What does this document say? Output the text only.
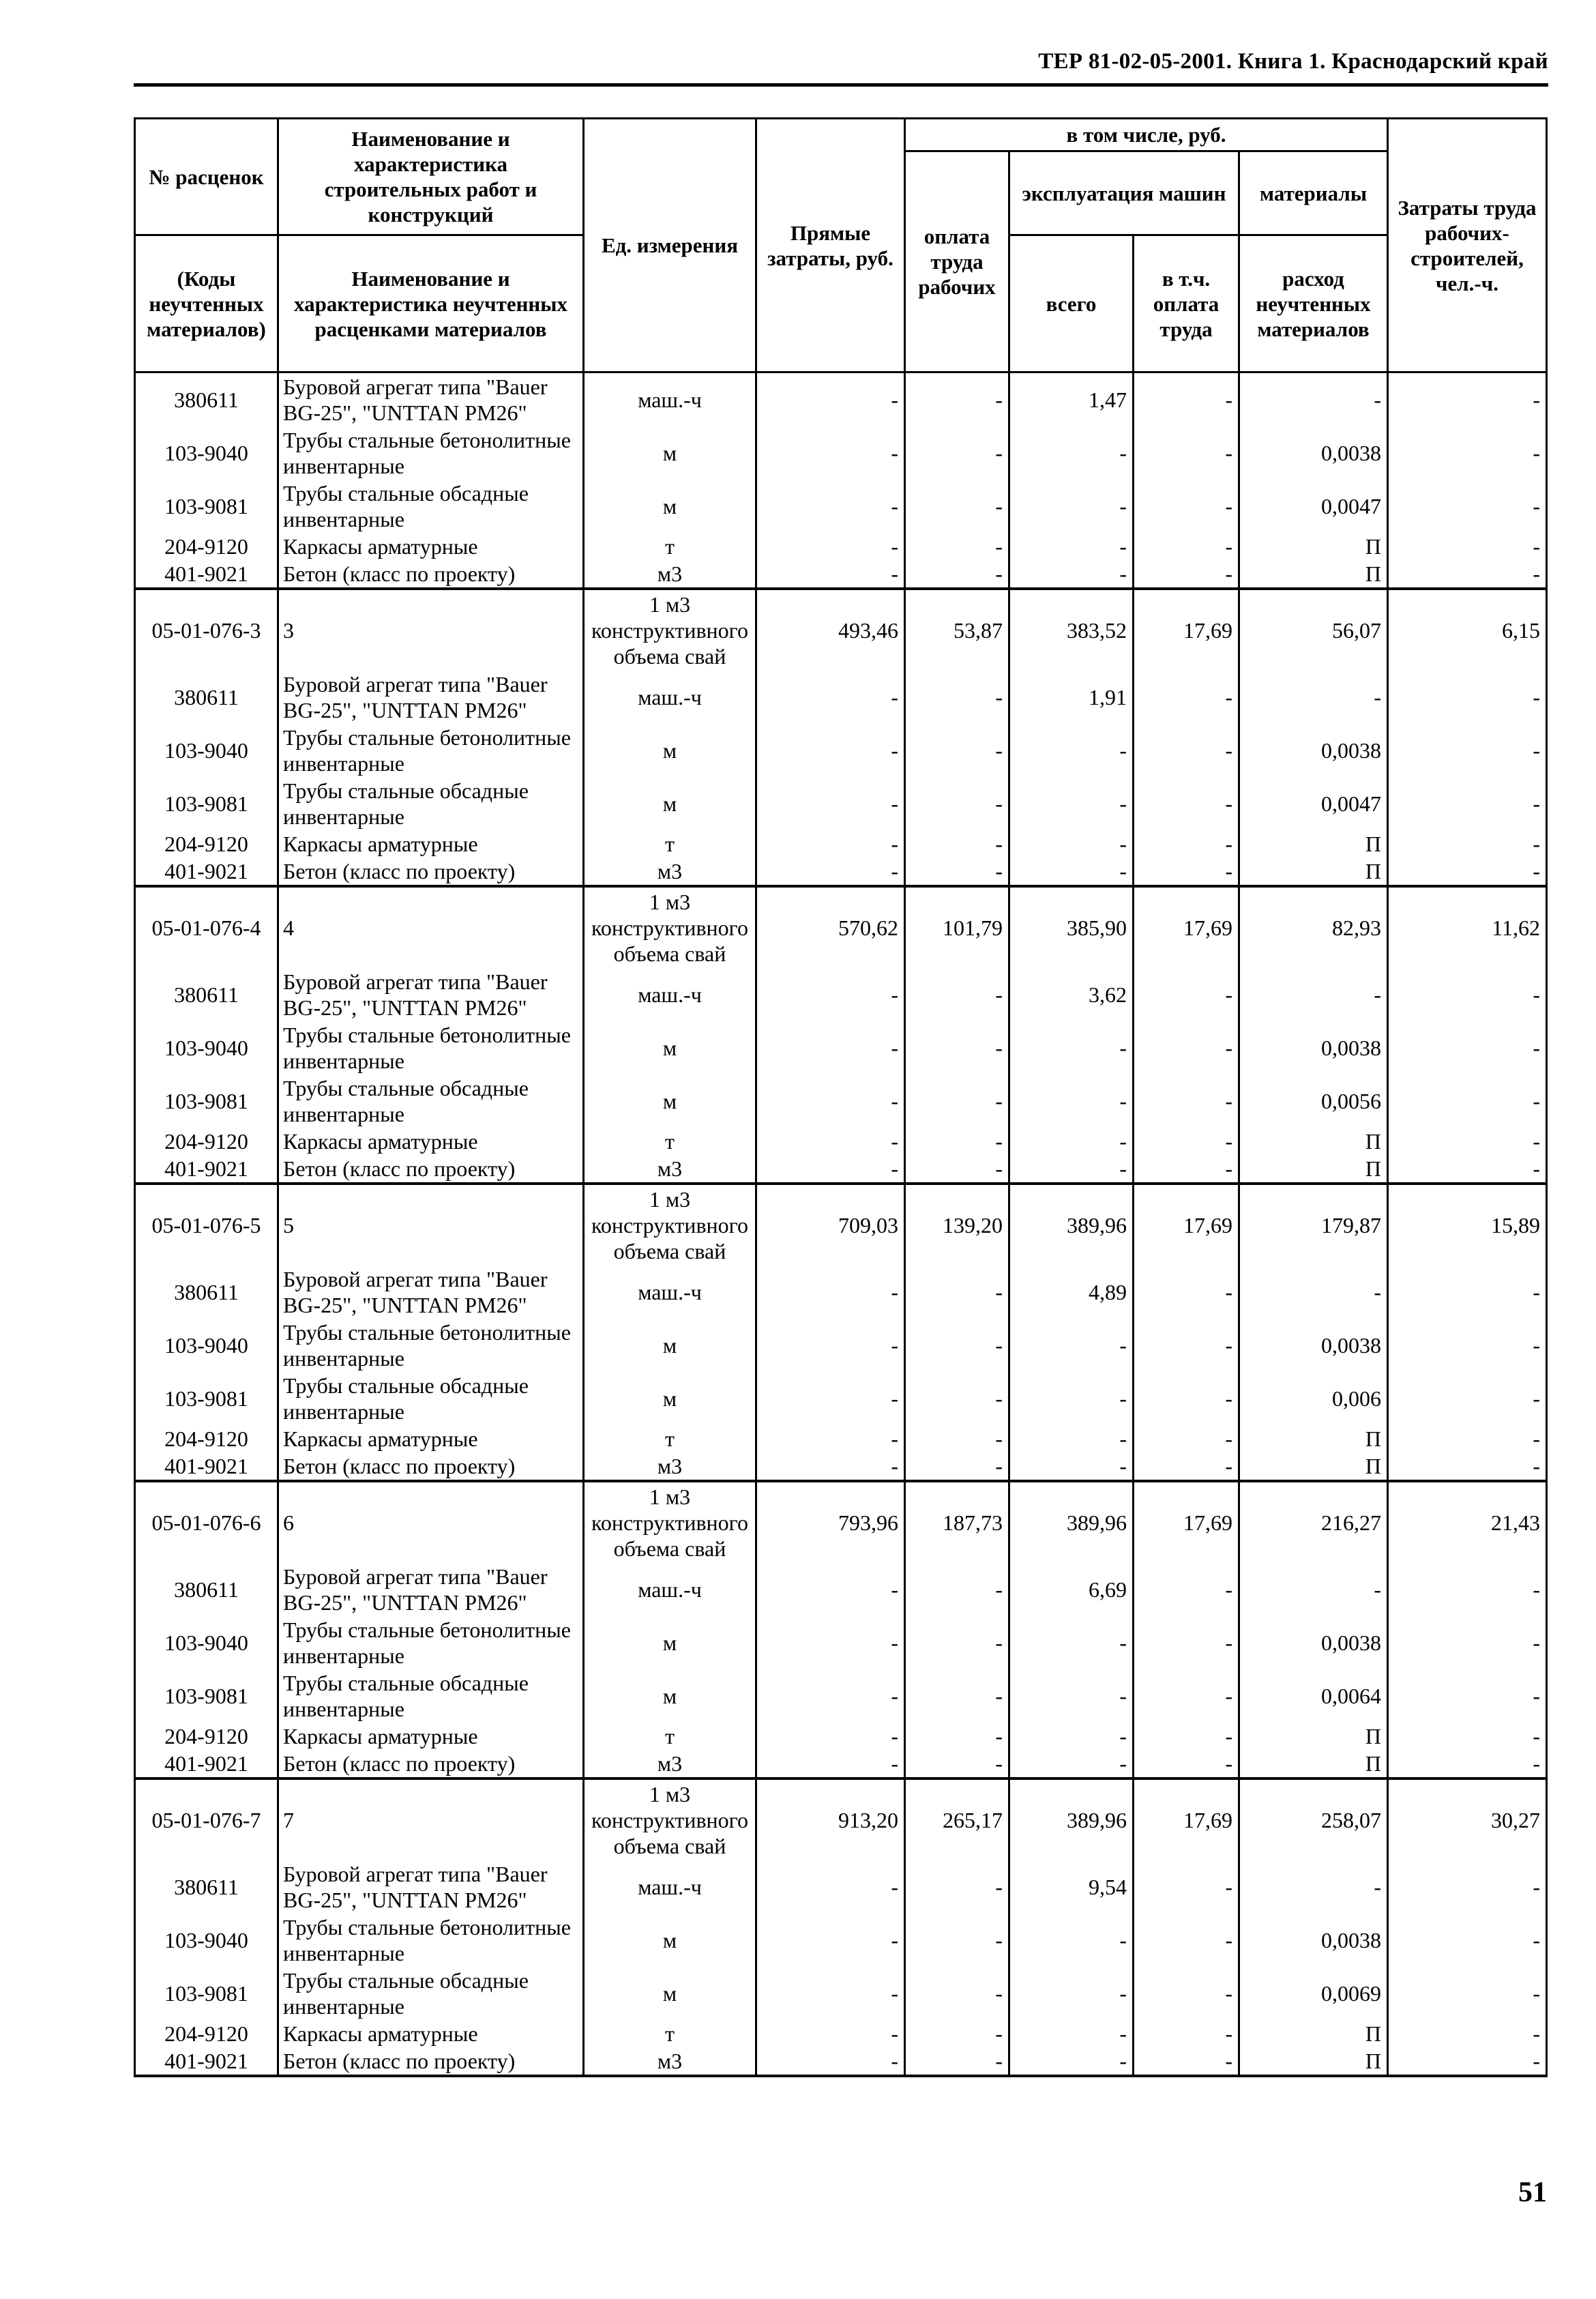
ТЕР 81-02-05-2001. Книга 1. Краснодарский край
№ расценок	Наименование и характеристика строительных работ и конструкций	Ед. измерения	Прямые затраты, руб.	в том числе, руб.				Затраты труда рабочих-строителей, чел.-ч.
				оплата труда рабочих	эксплуатация машин		материалы	
(Коды неучтенных материалов)	Наименование и характеристика неучтенных расценками материалов				всего	в т.ч. оплата труда	расход неучтенных материалов	

380611	Буровой агрегат типа "Bauer BG-25", "UNTTAN PM26"	маш.-ч	-	-	1,47	-	-	-
103-9040	Трубы стальные бетонолитные инвентарные	м	-	-	-	-	0,0038	-
103-9081	Трубы стальные обсадные инвентарные	м	-	-	-	-	0,0047	-
204-9120	Каркасы арматурные	т	-	-	-	-	П	-
401-9021	Бетон (класс по проекту)	м3	-	-	-	-	П	-
05-01-076-3	3	1 м3 конструктивного объема свай	493,46	53,87	383,52	17,69	56,07	6,15
380611	Буровой агрегат типа "Bauer BG-25", "UNTTAN PM26"	маш.-ч	-	-	1,91	-	-	-
103-9040	Трубы стальные бетонолитные инвентарные	м	-	-	-	-	0,0038	-
103-9081	Трубы стальные обсадные инвентарные	м	-	-	-	-	0,0047	-
204-9120	Каркасы арматурные	т	-	-	-	-	П	-
401-9021	Бетон (класс по проекту)	м3	-	-	-	-	П	-
05-01-076-4	4	1 м3 конструктивного объема свай	570,62	101,79	385,90	17,69	82,93	11,62
380611	Буровой агрегат типа "Bauer BG-25", "UNTTAN PM26"	маш.-ч	-	-	3,62	-	-	-
103-9040	Трубы стальные бетонолитные инвентарные	м	-	-	-	-	0,0038	-
103-9081	Трубы стальные обсадные инвентарные	м	-	-	-	-	0,0056	-
204-9120	Каркасы арматурные	т	-	-	-	-	П	-
401-9021	Бетон (класс по проекту)	м3	-	-	-	-	П	-
05-01-076-5	5	1 м3 конструктивного объема свай	709,03	139,20	389,96	17,69	179,87	15,89
380611	Буровой агрегат типа "Bauer BG-25", "UNTTAN PM26"	маш.-ч	-	-	4,89	-	-	-
103-9040	Трубы стальные бетонолитные инвентарные	м	-	-	-	-	0,0038	-
103-9081	Трубы стальные обсадные инвентарные	м	-	-	-	-	0,006	-
204-9120	Каркасы арматурные	т	-	-	-	-	П	-
401-9021	Бетон (класс по проекту)	м3	-	-	-	-	П	-
05-01-076-6	6	1 м3 конструктивного объема свай	793,96	187,73	389,96	17,69	216,27	21,43
380611	Буровой агрегат типа "Bauer BG-25", "UNTTAN PM26"	маш.-ч	-	-	6,69	-	-	-
103-9040	Трубы стальные бетонолитные инвентарные	м	-	-	-	-	0,0038	-
103-9081	Трубы стальные обсадные инвентарные	м	-	-	-	-	0,0064	-
204-9120	Каркасы арматурные	т	-	-	-	-	П	-
401-9021	Бетон (класс по проекту)	м3	-	-	-	-	П	-
05-01-076-7	7	1 м3 конструктивного объема свай	913,20	265,17	389,96	17,69	258,07	30,27
380611	Буровой агрегат типа "Bauer BG-25", "UNTTAN PM26"	маш.-ч	-	-	9,54	-	-	-
103-9040	Трубы стальные бетонолитные инвентарные	м	-	-	-	-	0,0038	-
103-9081	Трубы стальные обсадные инвентарные	м	-	-	-	-	0,0069	-
204-9120	Каркасы арматурные	т	-	-	-	-	П	-
401-9021	Бетон (класс по проекту)	м3	-	-	-	-	П	-
51
